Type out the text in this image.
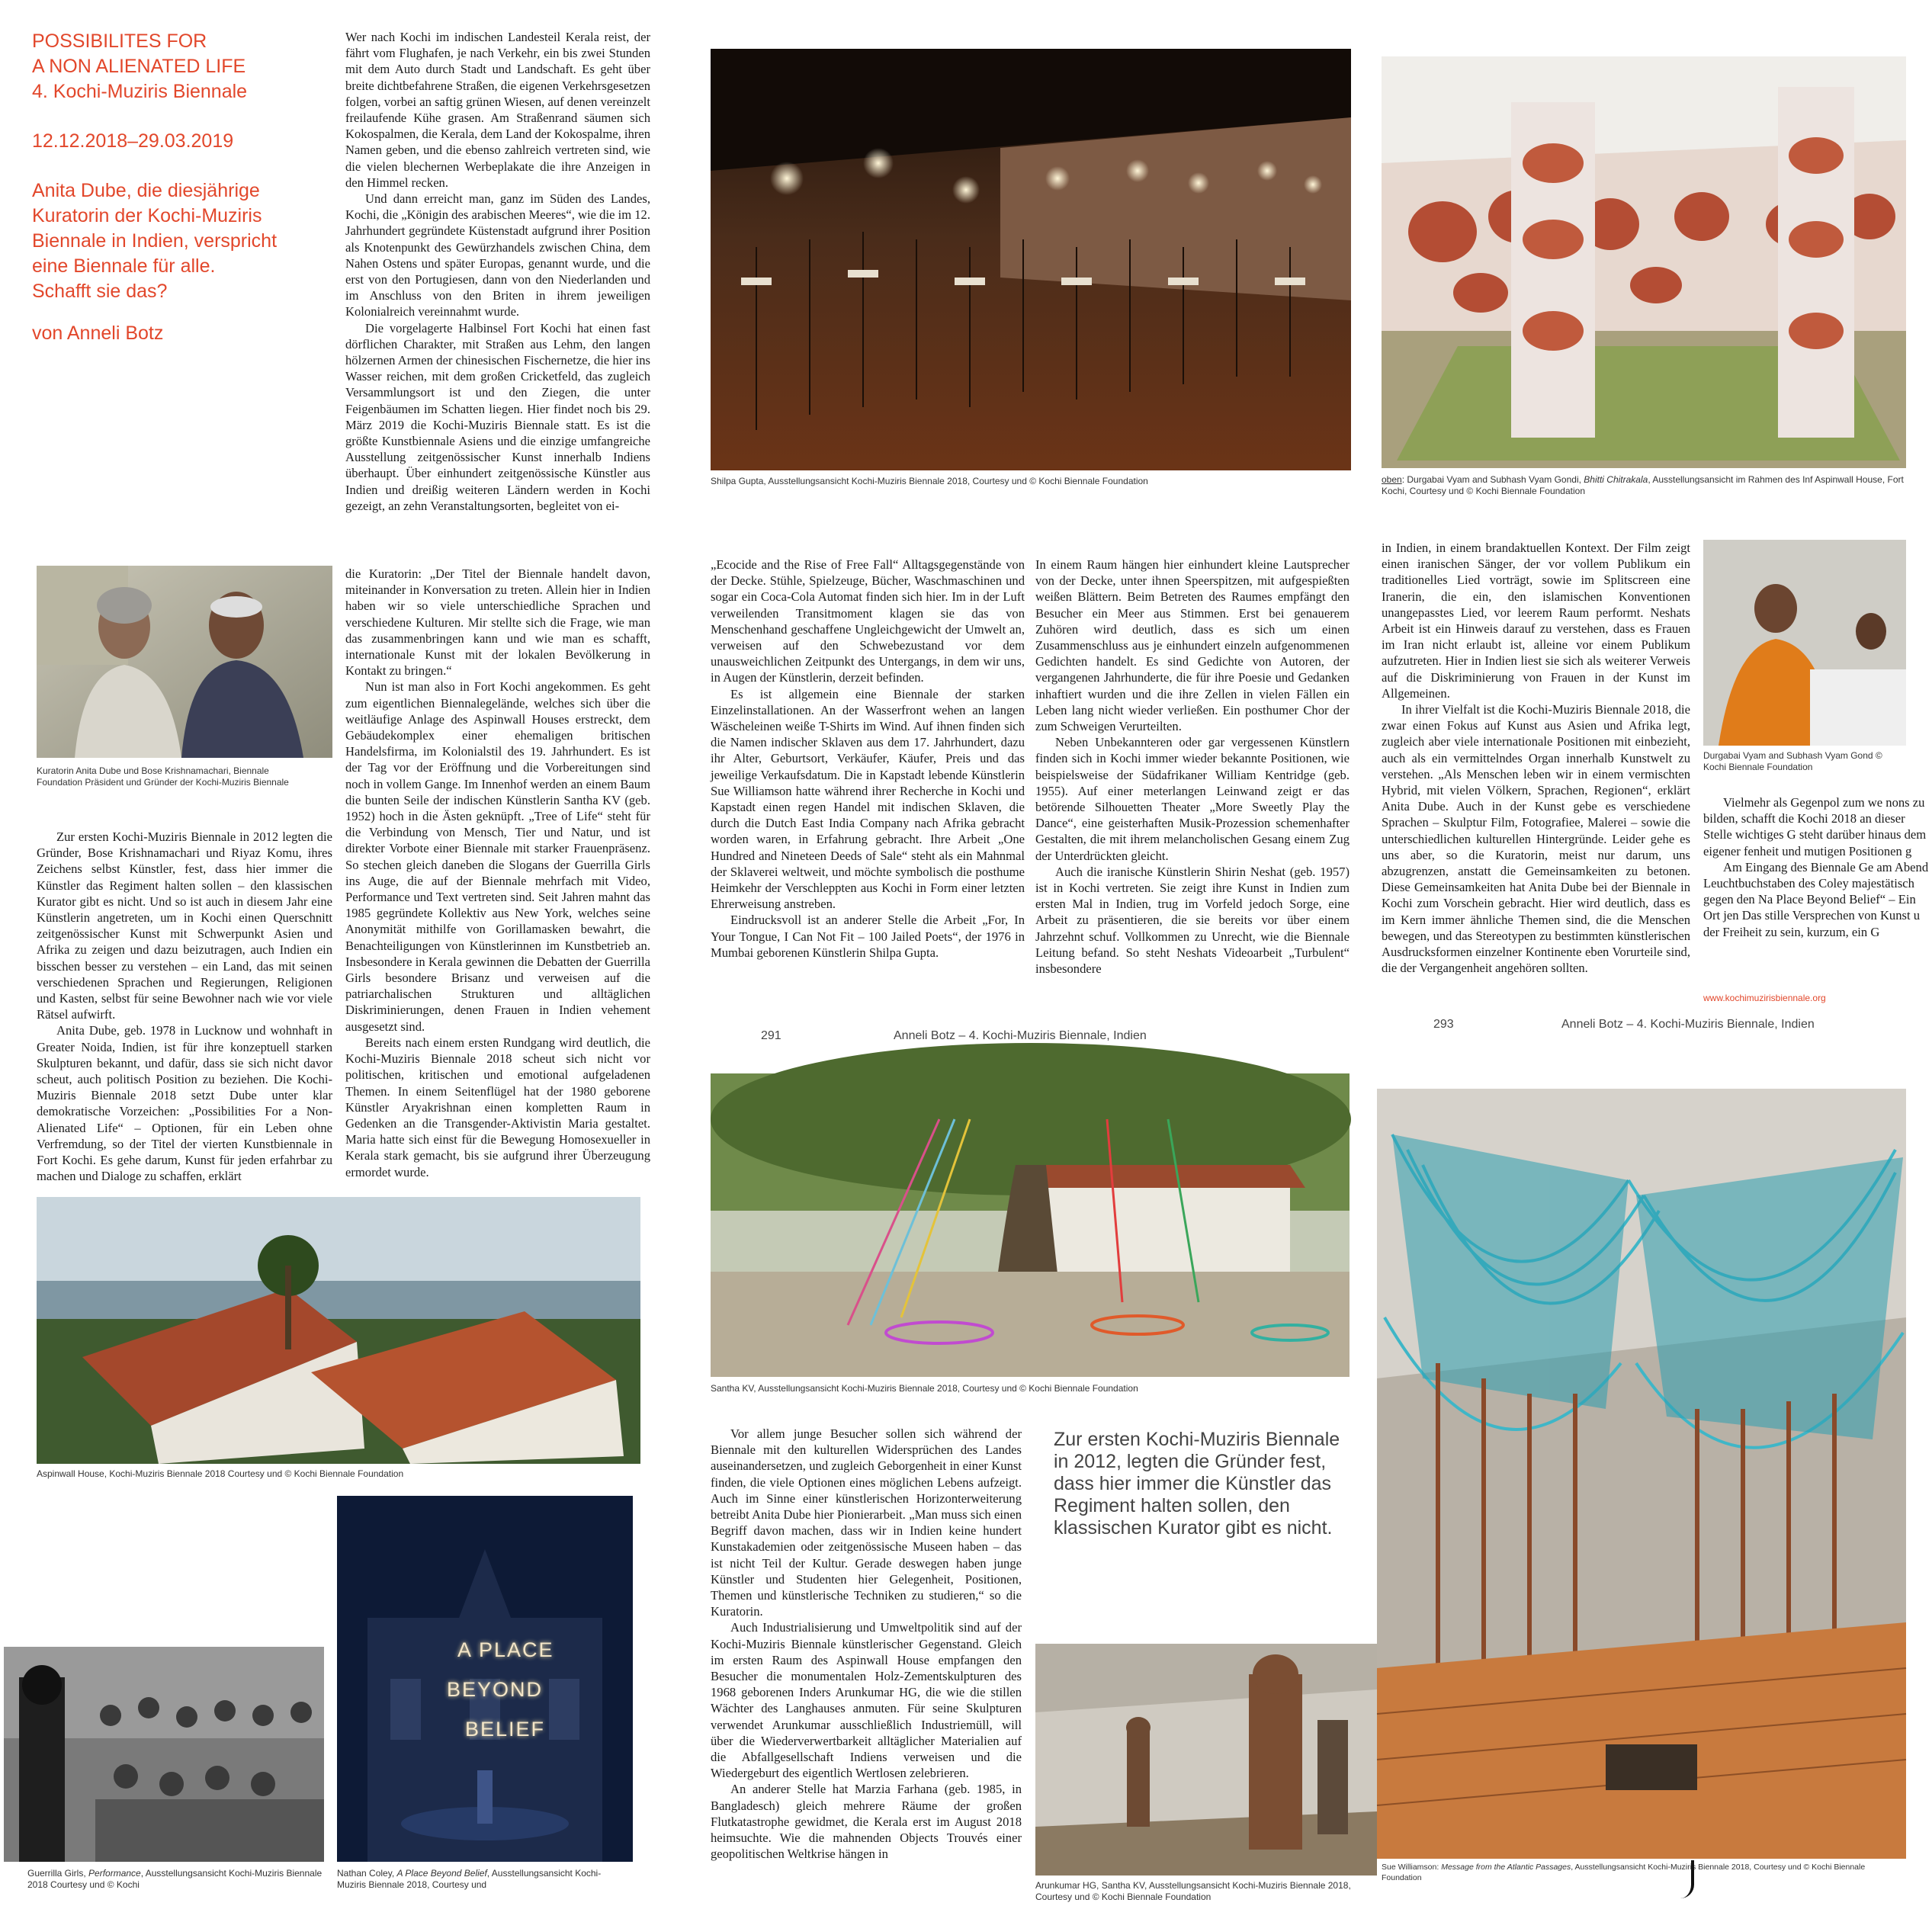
POSSIBILITES FOR

A NON ALIENATED LIFE

4. Kochi-Muziris Biennale

12.12.2018–29.03.2019

Anita Dube, die diesjährige

Kuratorin der Kochi-Muziris

Biennale in Indien, verspricht

eine Biennale für alle.

Schafft sie das?

von Anneli Botz

Wer nach Kochi im indischen Landesteil Kerala reist, der fährt vom Flughafen, je nach Verkehr, ein bis zwei Stunden mit dem Auto durch Stadt und Landschaft. Es geht über breite dichtbefahrene Straßen, die eigenen Verkehrsgesetzen folgen, vorbei an saftig grünen Wiesen, auf denen vereinzelt freilaufende Kühe grasen. Am Straßenrand säumen sich Kokospalmen, die Kerala, dem Land der Kokospalme, ihren Namen geben, und die ebenso zahlreich vertreten sind, wie die vielen blechernen Werbeplakate die ihre Anzeigen in den Himmel recken.

Und dann erreicht man, ganz im Süden des Landes, Kochi, die „Königin des arabischen Meeres“, wie die im 12. Jahrhundert gegründete Küstenstadt aufgrund ihrer Position als Knotenpunkt des Gewürzhandels zwischen China, dem Nahen Ostens und später Europas, genannt wurde, und die erst von den Portugiesen, dann von den Niederlanden und im Anschluss von den Briten in ihrem jeweiligen Kolonialreich vereinnahmt wurde.

Die vorgelagerte Halbinsel Fort Kochi hat einen fast dörflichen Charakter, mit Straßen aus Lehm, den langen hölzernen Armen der chinesischen Fischernetze, die hier ins Wasser reichen, mit dem großen Cricketfeld, das zugleich Versammlungsort ist und den Ziegen, die unter Feigenbäumen im Schatten liegen. Hier findet noch bis 29. März 2019 die Kochi-Muziris Biennale statt. Es ist die größte Kunstbiennale Asiens und die einzige umfangreiche Ausstellung zeitgenössischer Kunst innerhalb Indiens überhaupt. Über einhundert zeitgenössische Künstler aus Indien und dreißig weiteren Ländern werden in Kochi gezeigt, an zehn Veranstaltungsorten, begleitet von ei-

Kuratorin Anita Dube und Bose Krishnamachari, Biennale Foundation Präsident und Gründer der Kochi-Muziris Biennale

die Kuratorin: „Der Titel der Biennale handelt davon, miteinander in Konversation zu treten. Allein hier in Indien haben wir so viele unterschiedliche Sprachen und verschiedene Kulturen. Mir stellte sich die Frage, wie man das zusammenbringen kann und wie man es schafft, internationale Kunst mit der lokalen Bevölkerung in Kontakt zu bringen.“

Nun ist man also in Fort Kochi angekommen. Es geht zum eigentlichen Biennalegelände, welches sich über die weitläufige Anlage des Aspinwall Houses erstreckt, dem Gebäudekomplex einer ehemaligen britischen Handelsfirma, im Kolonialstil des 19. Jahrhundert. Es ist der Tag vor der Eröffnung und die Vorbereitungen sind noch in vollem Gange. Im Innenhof werden an einem Baum die bunten Seile der indischen Künstlerin Santha KV (geb. 1952) hoch in die Ästen geknüpft. „Tree of Life“ steht für die Verbindung von Mensch, Tier und Natur, und ist direkter Vorbote einer Biennale mit starker Frauenpräsenz. So stechen gleich daneben die Slogans der Guerrilla Girls ins Auge, die auf der Biennale mehrfach mit Video, Performance und Text vertreten sind. Seit Jahren mahnt das 1985 gegründete Kollektiv aus New York, welches seine Anonymität mithilfe von Gorillamasken bewahrt, die Benachteiligungen von Künstlerinnen im Kunstbetrieb an. Insbesondere in Kerala gewinnen die Debatten der Guerrilla Girls besondere Brisanz und verweisen auf die patriarchalischen Strukturen und alltäglichen Diskriminierungen, denen Frauen in Indien vehement ausgesetzt sind.

Bereits nach einem ersten Rundgang wird deutlich, die Kochi-Muziris Biennale 2018 scheut sich nicht vor politischen, kritischen und emotional aufgeladenen Themen. In einem Seitenflügel hat der 1980 geborene Künstler Aryakrishnan einen kompletten Raum in Gedenken an die Transgender-Aktivistin Maria gestaltet. Maria hatte sich einst für die Bewegung Homosexueller in Kerala stark gemacht, bis sie aufgrund ihrer Überzeugung ermordet wurde.

Zur ersten Kochi-Muziris Biennale in 2012 legten die Gründer, Bose Krishnamachari und Riyaz Komu, ihres Zeichens selbst Künstler, fest, dass hier immer die Künstler das Regiment halten sollen – den klassischen Kurator gibt es nicht. Und so ist auch in diesem Jahr eine Künstlerin angetreten, um in Kochi einen Querschnitt zeitgenössischer Kunst mit Schwerpunkt Asien und Afrika zu zeigen und dazu beizutragen, auch Indien ein bisschen besser zu verstehen – ein Land, das mit seinen verschiedenen Sprachen und Regierungen, Religionen und Kasten, selbst für seine Bewohner nach wie vor viele Rätsel aufwirft.

Anita Dube, geb. 1978 in Lucknow und wohnhaft in Greater Noida, Indien, ist für ihre konzeptuell starken Skulpturen bekannt, und dafür, dass sie sich nicht davor scheut, auch politisch Position zu beziehen. Die Kochi-Muziris Biennale 2018 setzt Dube unter klar demokratische Vorzeichen: „Possibilities For a Non-Alienated Life“ – Optionen, für ein Leben ohne Verfremdung, so der Titel der vierten Kunstbiennale in Fort Kochi. Es gehe darum, Kunst für jeden erfahrbar zu machen und Dialoge zu schaffen, erklärt

Aspinwall House, Kochi-Muziris Biennale 2018 Courtesy und © Kochi Biennale Foundation

Guerrilla Girls, Performance, Ausstellungsansicht Kochi-Muziris Biennale 2018 Courtesy und © Kochi

A PLACE
BEYOND
BELIEF

Nathan Coley, A Place Beyond Belief, Ausstellungsansicht Kochi-Muziris Biennale 2018, Courtesy und

Shilpa Gupta, Ausstellungsansicht Kochi-Muziris Biennale 2018, Courtesy und © Kochi Biennale Foundation	oben: Durgabai Vyam and Subhash Vyam Gondi, Bhitti Chitrakala, Ausstellungsansicht im Rahmen des Inf Aspinwall House, Fort Kochi, Courtesy und © Kochi Biennale Foundation

„Ecocide and the Rise of Free Fall“ Alltagsgegenstände von der Decke. Stühle, Spielzeuge, Bücher, Waschmaschinen und sogar ein Coca-Cola Automat finden sich hier. Im in der Luft verweilenden Transitmoment klagen sie das von Menschenhand geschaffene Ungleichgewicht der Umwelt an, verweisen auf den Schwebezustand vor dem unausweichlichen Zeitpunkt des Untergangs, in dem wir uns, in Augen der Künstlerin, derzeit befinden.

Es ist allgemein eine Biennale der starken Einzelinstallationen. An der Wasserfront wehen an langen Wäscheleinen weiße T-Shirts im Wind. Auf ihnen finden sich die Namen indischer Sklaven aus dem 17. Jahrhundert, dazu ihr Alter, Geburtsort, Verkäufer, Käufer, Preis und das jeweilige Verkaufsdatum. Die in Kapstadt lebende Künstlerin Sue Williamson hatte während ihrer Recherche in Kochi und Kapstadt einen regen Handel mit indischen Sklaven, die durch die Dutch East India Company nach Afrika gebracht worden waren, in Erfahrung gebracht. Ihre Arbeit „One Hundred and Nineteen Deeds of Sale“ steht als ein Mahnmal der Sklaverei weltweit, und möchte symbolisch die posthume Heimkehr der Verschleppten aus Kochi in Form einer letzten Ehrerweisung anstreben.

Eindrucksvoll ist an anderer Stelle die Arbeit „For, In Your Tongue, I Can Not Fit – 100 Jailed Poets“, der 1976 in Mumbai geborenen Künstlerin Shilpa Gupta.

In einem Raum hängen hier einhundert kleine Lautsprecher von der Decke, unter ihnen Speerspitzen, mit aufgespießten weißen Blättern. Beim Betreten des Raumes empfängt den Besucher ein Meer aus Stimmen. Erst bei genauerem Zuhören wird deutlich, dass es sich um einen Zusammenschluss aus je einhundert einzeln aufgenommenen Gedichten handelt. Es sind Gedichte von Autoren, der vergangenen Jahrhunderte, die für ihre Poesie und Gedanken inhaftiert wurden und die ihre Zellen in vielen Fällen ein Leben lang nicht wieder verließen. Ein posthumer Chor der zum Schweigen Verurteilten.

Neben Unbekannteren oder gar vergessenen Künstlern finden sich in Kochi immer wieder bekannte Positionen, wie beispielsweise der Südafrikaner William Kentridge (geb. 1955). Auf einer meterlangen Leinwand zeigt er das betörende Silhouetten Theater „More Sweetly Play the Dance“, eine geisterhaften Musik-Prozession schemenhafter Gestalten, die mit ihrem melancholischen Gesang einem Zug der Unterdrückten gleicht.

Auch die iranische Künstlerin Shirin Neshat (geb. 1957) ist in Kochi vertreten. Sie zeigt ihre Kunst in Indien zum ersten Mal in Indien, trug im Vorfeld jedoch Sorge, eine Arbeit zu präsentieren, die sie bereits vor über einem Jahrzehnt schuf. Vollkommen zu Unrecht, wie die Biennale Leitung befand. So steht Neshats Videoarbeit „Turbulent“ insbesondere

291	Anneli Botz – 4. Kochi-Muziris Biennale, Indien

in Indien, in einem brandaktuellen Kontext. Der Film zeigt einen iranischen Sänger, der vor vollem Publikum ein traditionelles Lied vorträgt, sowie im Splitscreen eine Iranerin, die ein, den islamischen Konventionen unangepasstes Lied, vor leerem Raum performt. Neshats Arbeit ist ein Hinweis darauf zu verstehen, dass es Frauen im Iran nicht erlaubt ist, alleine vor einem Publikum aufzutreten. Hier in Indien liest sie sich als weiterer Verweis auf die Diskriminierung von Frauen in der Kunst im Allgemeinen.

In ihrer Vielfalt ist die Kochi-Muziris Biennale 2018, die zwar einen Fokus auf Kunst aus Asien und Afrika legt, zugleich aber viele internationale Positionen mit einbezieht, auch als ein vermittelndes Organ innerhalb Kunstwelt zu verstehen. „Als Menschen leben wir in einem vermischten Hybrid, mit vielen Völkern, Sprachen, Regionen“, erklärt Anita Dube. Auch in der Kunst gebe es verschiedene Sprachen – Skulptur Film, Fotografiee, Malerei – sowie die unterschiedlichen kulturellen Hintergründe. Leider gehe es uns aber, so die Kuratorin, meist nur darum, uns abzugrenzen, anstatt die Gemeinsamkeiten zu betonen. Diese Gemeinsamkeiten hat Anita Dube bei der Biennale in Kochi zum Vorschein gebracht. Hier wird deutlich, dass es im Kern immer ähnliche Themen sind, die die Menschen bewegen, und das Stereotypen zu bestimmten künstlerischen Ausdrucksformen einzelner Kontinente eben Vorurteile sind, die der Vergangenheit angehören sollten.

Durgabai Vyam and Subhash Vyam Gond © Kochi Biennale Foundation

Vielmehr als Gegenpol zum we nons zu bilden, schafft die Kochi 2018 an dieser Stelle wichtiges G steht darüber hinaus dem eigener fenheit und mutigen Positionen g

Am Eingang des Biennale Ge am Abend Leuchtbuchstaben des Coley majestätisch gegen den Na Place Beyond Belief“ – Ein Ort jen Das stille Versprechen von Kunst u der Freiheit zu sein, kurzum, ein G

www.kochimuzirisbiennale.org
293	Anneli Botz – 4. Kochi-Muziris Biennale, Indien

Santha KV, Ausstellungsansicht Kochi-Muziris Biennale 2018, Courtesy und © Kochi Biennale Foundation

Vor allem junge Besucher sollen sich während der Biennale mit den kulturellen Widersprüchen des Landes auseinandersetzen, und zugleich Geborgenheit in einer Kunst finden, die viele Optionen eines möglichen Lebens aufzeigt. Auch im Sinne einer künstlerischen Horizonterweiterung betreibt Anita Dube hier Pionierarbeit. „Man muss sich einen Begriff davon machen, dass wir in Indien keine hundert Kunstakademien oder zeitgenössische Museen haben – das ist nicht Teil der Kultur. Gerade deswegen haben junge Künstler und Studenten hier Gelegenheit, Positionen, Themen und künstlerische Techniken zu studieren,“ so die Kuratorin.

Auch Industrialisierung und Umweltpolitik sind auf der Kochi-Muziris Biennale künstlerischer Gegenstand. Gleich im ersten Raum des Aspinwall House empfangen den Besucher die monumentalen Holz-Zementskulpturen des 1968 geborenen Inders Arunkumar HG, die wie die stillen Wächter des Langhauses anmuten. Für seine Skulpturen verwendet Arunkumar ausschließlich Industriemüll, will über die Wiederverwertbarkeit alltäglicher Materialien auf die Abfallgesellschaft Indiens verweisen und die Wiedergeburt des eigentlich Wertlosen zelebrieren.

An anderer Stelle hat Marzia Farhana (geb. 1985, in Bangladesch) gleich mehrere Räume der großen Flutkatastrophe gewidmet, die Kerala erst im August 2018 heimsuchte. Wie die mahnenden Objects Trouvés einer geopolitischen Weltkrise hängen in

Zur ersten Kochi-Muziris Biennale
in 2012, legten die Gründer fest,
dass hier immer die Künstler das
Regiment halten sollen, den
klassischen Kurator gibt es nicht.

Arunkumar HG, Santha KV, Ausstellungsansicht Kochi-Muziris Biennale 2018, Courtesy und © Kochi Biennale Foundation

Sue Williamson: Message from the Atlantic Passages, Ausstellungsansicht Kochi-Muziris Biennale 2018, Courtesy und © Kochi Biennale Foundation
